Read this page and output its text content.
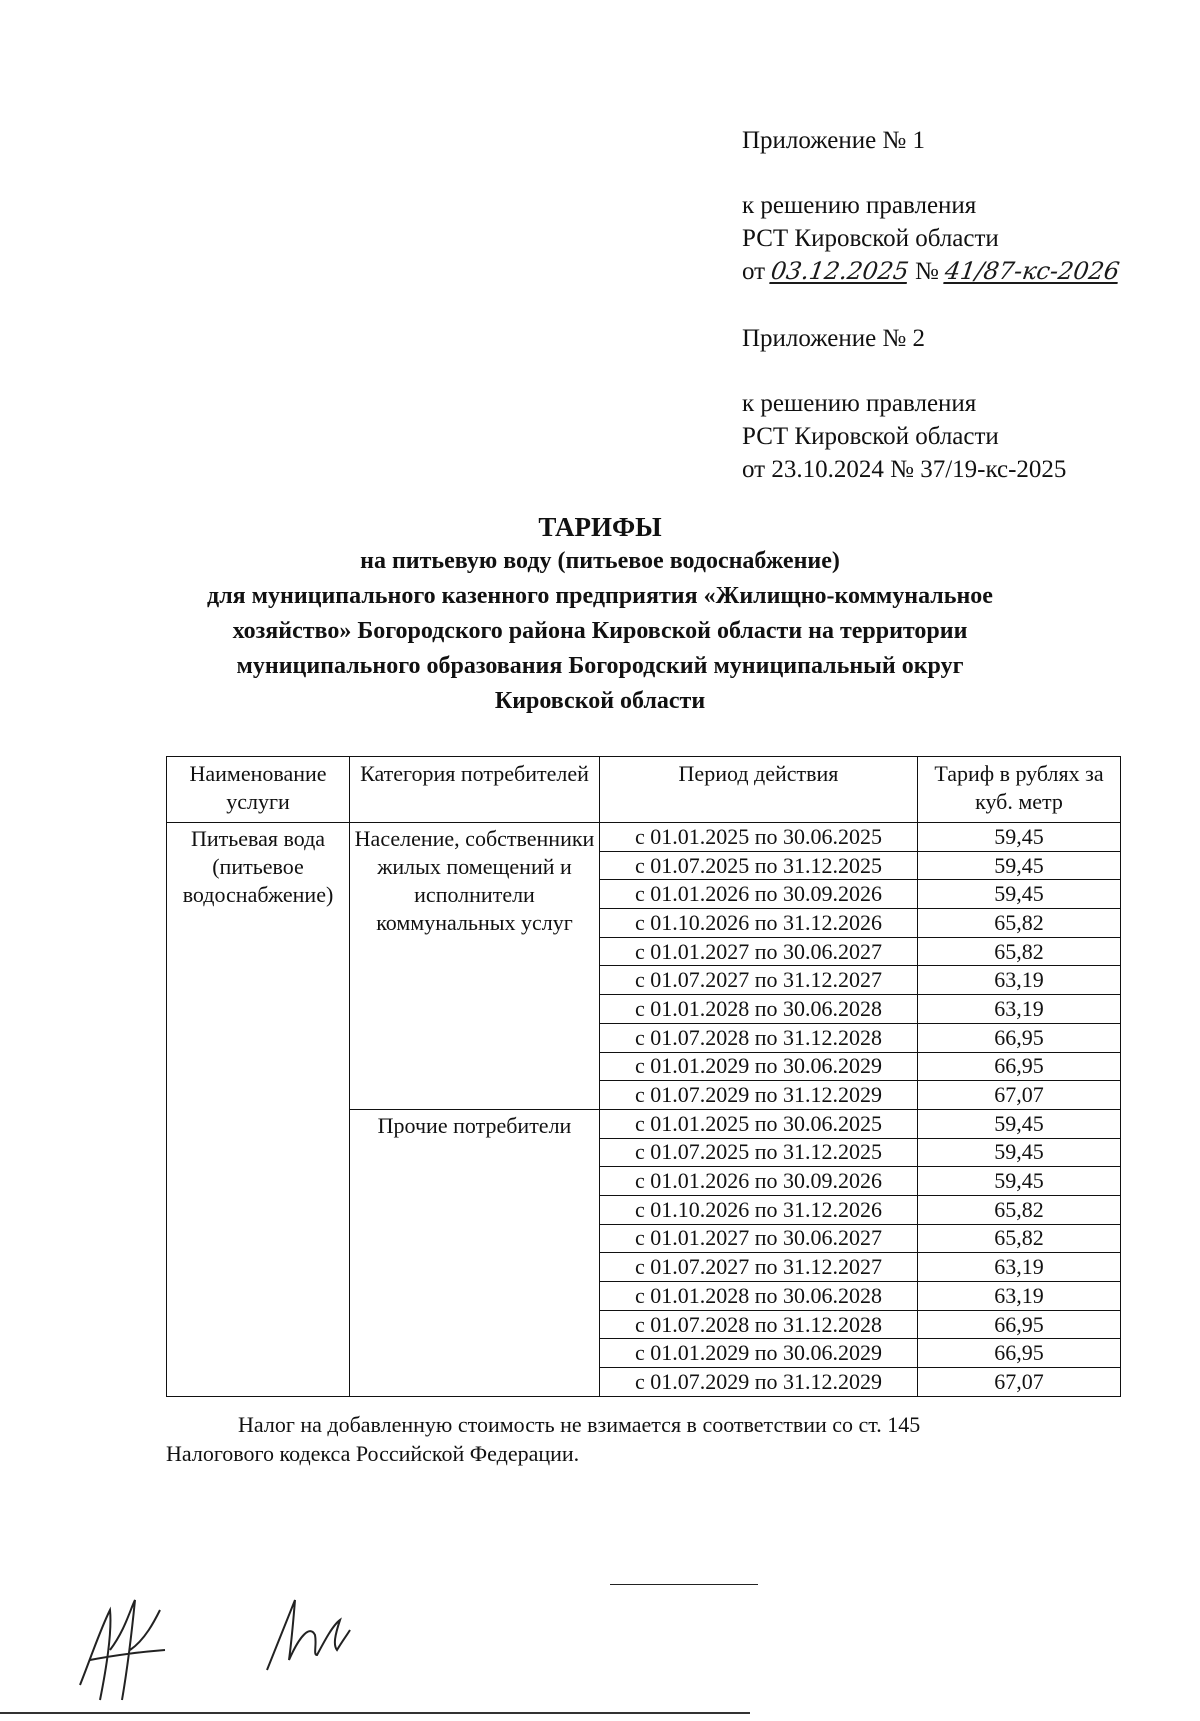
Приложение № 1
к решению правления
РСТ Кировской области
от 03.12.2025 № 41/87-кс-2026
Приложение № 2
к решению правления
РСТ Кировской области
от 23.10.2024 № 37/19-кс-2025
ТАРИФЫ
на питьевую воду (питьевое водоснабжение)
для муниципального казенного предприятия «Жилищно-коммунальное
хозяйство» Богородского района Кировской области на территории
муниципального образования Богородский муниципальный округ
Кировской области
Наименование услуги	Категория потребителей	Период действия	Тариф в рублях за куб. метр
Питьевая вода (питьевое водоснабжение)	Население, собственники жилых помещений и исполнители коммунальных услуг	с 01.01.2025 по 30.06.2025	59,45
		с 01.07.2025 по 31.12.2025	59,45
		с 01.01.2026 по 30.09.2026	59,45
		с 01.10.2026 по 31.12.2026	65,82
		с 01.01.2027 по 30.06.2027	65,82
		с 01.07.2027 по 31.12.2027	63,19
		с 01.01.2028 по 30.06.2028	63,19
		с 01.07.2028 по 31.12.2028	66,95
		с 01.01.2029 по 30.06.2029	66,95
		с 01.07.2029 по 31.12.2029	67,07
	Прочие потребители	с 01.01.2025 по 30.06.2025	59,45
		с 01.07.2025 по 31.12.2025	59,45
		с 01.01.2026 по 30.09.2026	59,45
		с 01.10.2026 по 31.12.2026	65,82
		с 01.01.2027 по 30.06.2027	65,82
		с 01.07.2027 по 31.12.2027	63,19
		с 01.01.2028 по 30.06.2028	63,19
		с 01.07.2028 по 31.12.2028	66,95
		с 01.01.2029 по 30.06.2029	66,95
		с 01.07.2029 по 31.12.2029	67,07
Налог на добавленную стоимость не взимается в соответствии со ст. 145
Налогового кодекса Российской Федерации.
